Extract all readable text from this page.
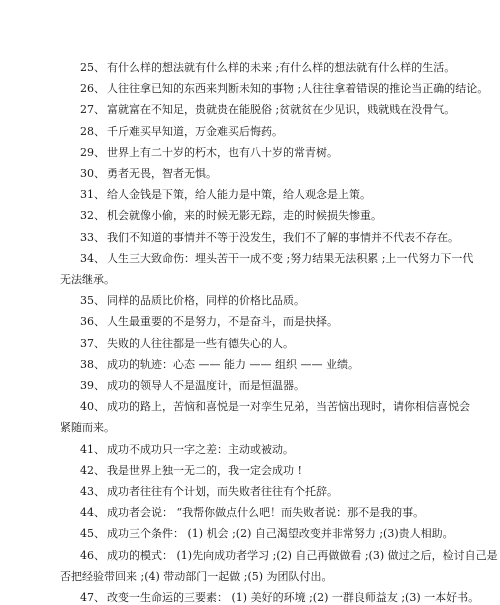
25、 有什么样的想法就有什么样的未来 ;有什么样的想法就有什么样的生活。
26、 人往往拿已知的东西来判断未知的事物 ;人往往拿着错误的推论当正确的结论。
27、 富就富在不知足，贵就贵在能脱俗 ;贫就贫在少见识，贱就贱在没骨气。
28、 千斤难买早知道，万金难买后悔药。
29、 世界上有二十岁的朽木，也有八十岁的常青树。
30、 勇者无畏，智者无惧。
31、 给人金钱是下策，给人能力是中策，给人观念是上策。
32、 机会就像小偷，来的时候无影无踪，走的时候损失惨重。
33、 我们不知道的事情并不等于没发生，我们不了解的事情并不代表不存在。
34、 人生三大致命伤：埋头苦干一成不变 ;努力结果无法积累 ;上一代努力下一代
无法继承。
35、 同样的品质比价格，同样的价格比品质。
36、 人生最重要的不是努力，不是奋斗，而是抉择。
37、 失败的人往往都是一些有德失心的人。
38、 成功的轨迹：心态 —— 能力 —— 组织 —— 业绩。
39、 成功的领导人不是温度计，而是恒温器。
40、 成功的路上，苦恼和喜悦是一对孪生兄弟，当苦恼出现时，请你相信喜悦会
紧随而来。
41、 成功不成功只一字之差：主动或被动。
42、 我是世界上独一无二的，我一定会成功 !
43、 成功者往往有个计划，而失败者往往有个托辞。
44、 成功者会说： “我帮你做点什么吧！而失败者说：那不是我的事。
45、 成功三个条件： (1) 机会 ;(2) 自己渴望改变并非常努力 ;(3)贵人相助。
46、 成功的模式： (1)先向成功者学习 ;(2) 自己再做做看 ;(3) 做过之后，检讨自己是
否把经验带回来 ;(4) 带动部门一起做 ;(5) 为团队付出。
47、 改变一生命运的三要素： (1) 美好的环境 ;(2) 一群良师益友 ;(3) 一本好书。
